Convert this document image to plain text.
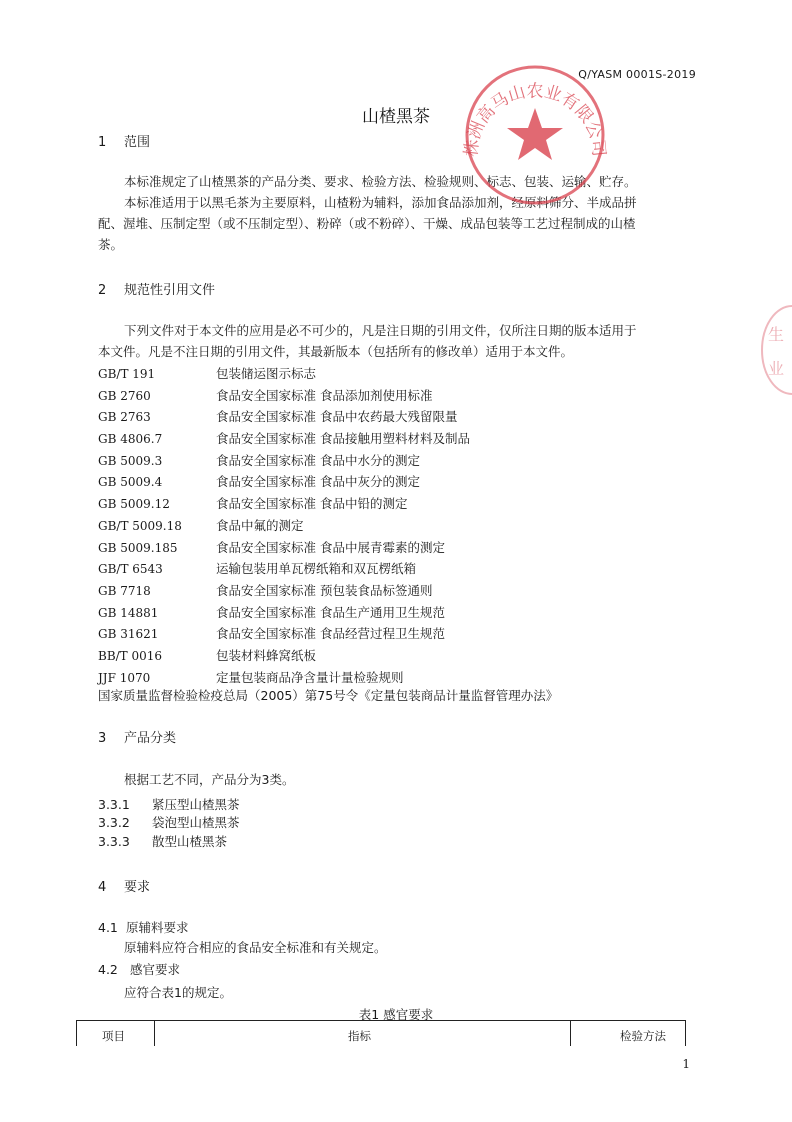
Q/YASM 0001S-2019
山楂黑茶
1 范围
本标准规定了山楂黑茶的产品分类、要求、检验方法、检验规则、标志、包装、运输、贮存。
本标准适用于以黑毛茶为主要原料，山楂粉为辅料，添加食品添加剂，经原料筛分、半成品拼
配、渥堆、压制定型（或不压制定型）、粉碎（或不粉碎）、干燥、成品包装等工艺过程制成的山楂
茶。
2 规范性引用文件
下列文件对于本文件的应用是必不可少的，凡是注日期的引用文件，仅所注日期的版本适用于
本文件。凡是不注日期的引用文件，其最新版本（包括所有的修改单）适用于本文件。
GB/T 191	包装储运图示标志
GB 2760	食品安全国家标准 食品添加剂使用标准
GB 2763	食品安全国家标准 食品中农药最大残留限量
GB 4806.7	食品安全国家标准 食品接触用塑料材料及制品
GB 5009.3	食品安全国家标准 食品中水分的测定
GB 5009.4	食品安全国家标准 食品中灰分的测定
GB 5009.12	食品安全国家标准 食品中铅的测定
GB/T 5009.18	食品中氟的测定
GB 5009.185	食品安全国家标准 食品中展青霉素的测定
GB/T 6543	运输包装用单瓦楞纸箱和双瓦楞纸箱
GB 7718	食品安全国家标准 预包装食品标签通则
GB 14881	食品安全国家标准 食品生产通用卫生规范
GB 31621	食品安全国家标准 食品经营过程卫生规范
BB/T 0016	包装材料蜂窝纸板
JJF 1070	定量包装商品净含量计量检验规则
国家质量监督检验检疫总局（2005）第75号令《定量包装商品计量监督管理办法》
3 产品分类
根据工艺不同，产品分为3类。
3.3.1 紧压型山楂黑茶
3.3.2 袋泡型山楂黑茶
3.3.3 散型山楂黑茶
4 要求
4.1 原辅料要求
原辅料应符合相应的食品安全标准和有关规定。
4.2 感官要求
应符合表1的规定。
表1 感官要求
项目	指标	检验方法
1
株洲高马山农业有限公司
生
业
